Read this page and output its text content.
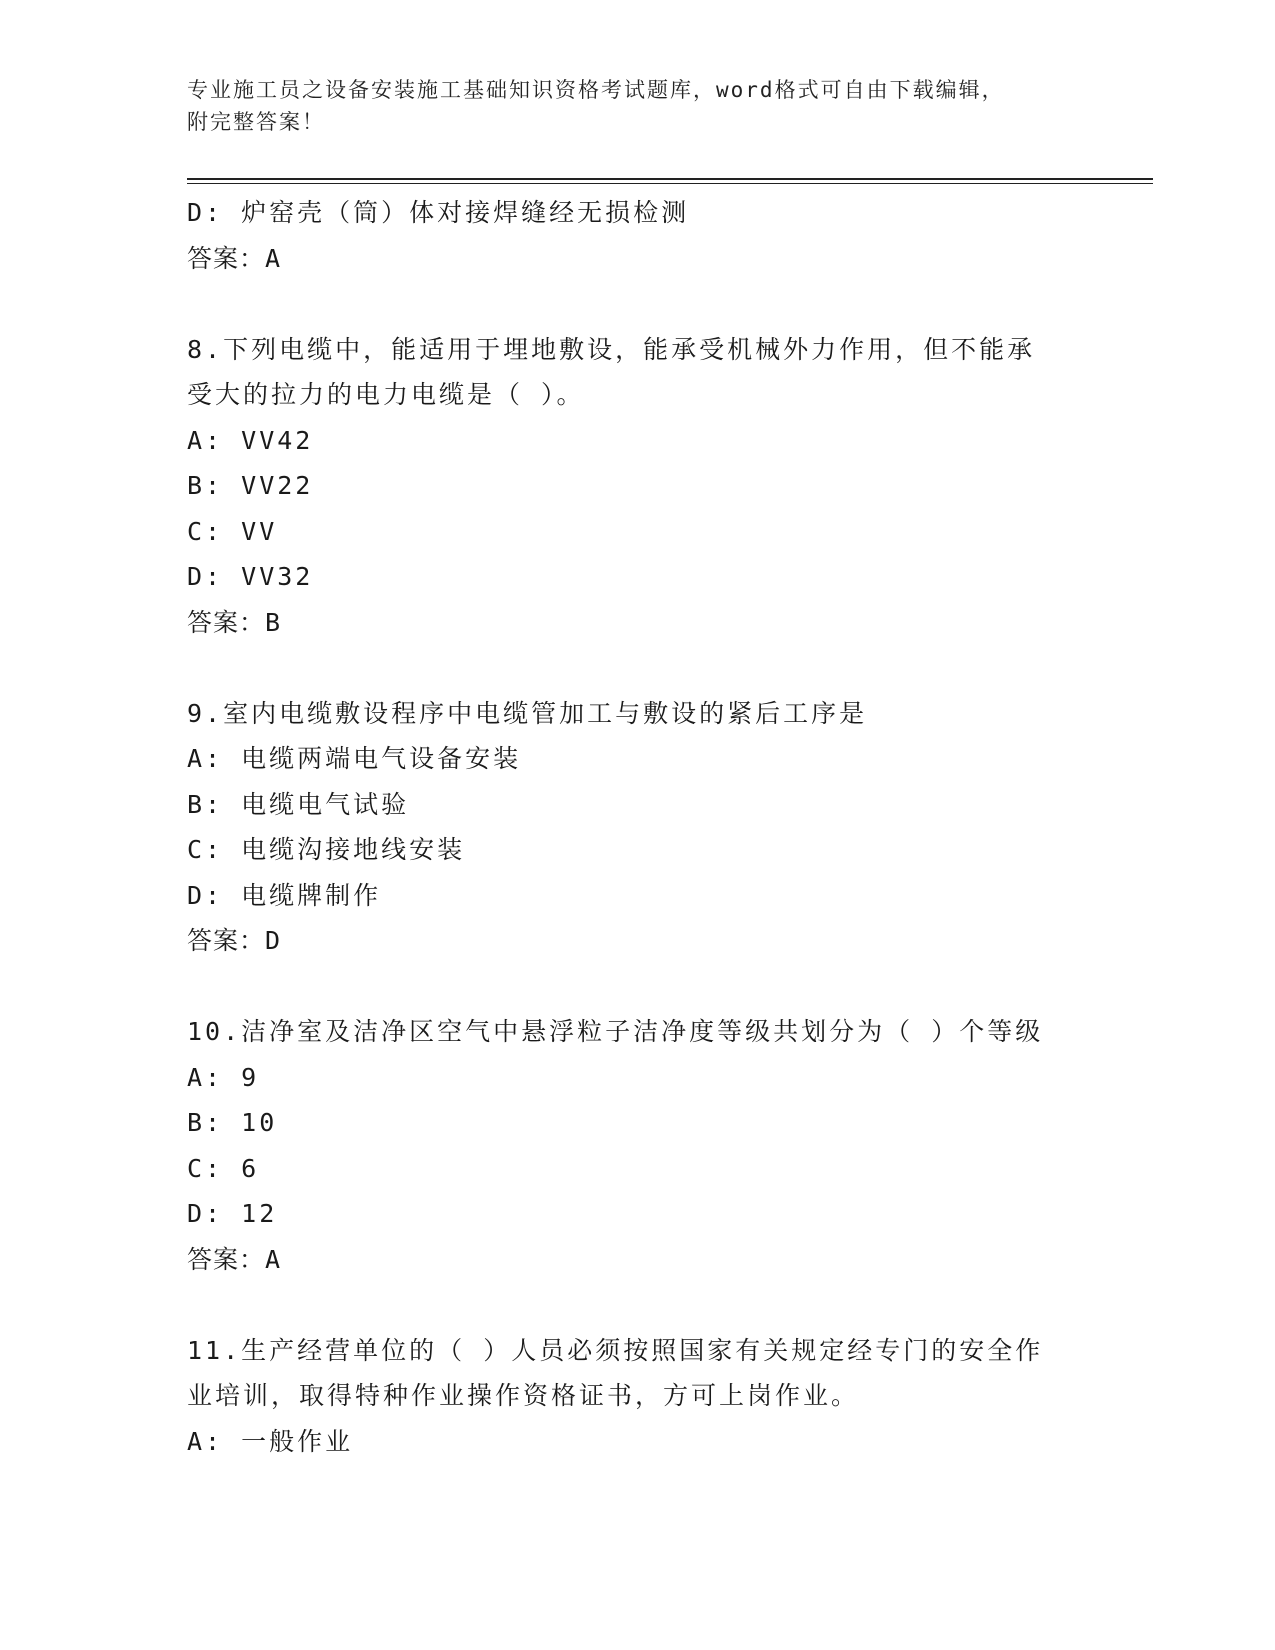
专业施工员之设备安装施工基础知识资格考试题库，word格式可自由下载编辑，
附完整答案！
D: 炉窑壳（筒）体对接焊缝经无损检测
答案：A
8.下列电缆中，能适用于埋地敷设，能承受机械外力作用，但不能承
受大的拉力的电力电缆是（ ）。
A: VV42
B: VV22
C: VV
D: VV32
答案：B
9.室内电缆敷设程序中电缆管加工与敷设的紧后工序是
A: 电缆两端电气设备安装
B: 电缆电气试验
C: 电缆沟接地线安装
D: 电缆牌制作
答案：D
10.洁净室及洁净区空气中悬浮粒子洁净度等级共划分为（ ）个等级
A: 9
B: 10
C: 6
D: 12
答案：A
11.生产经营单位的（ ）人员必须按照国家有关规定经专门的安全作
业培训，取得特种作业操作资格证书，方可上岗作业。
A: 一般作业
